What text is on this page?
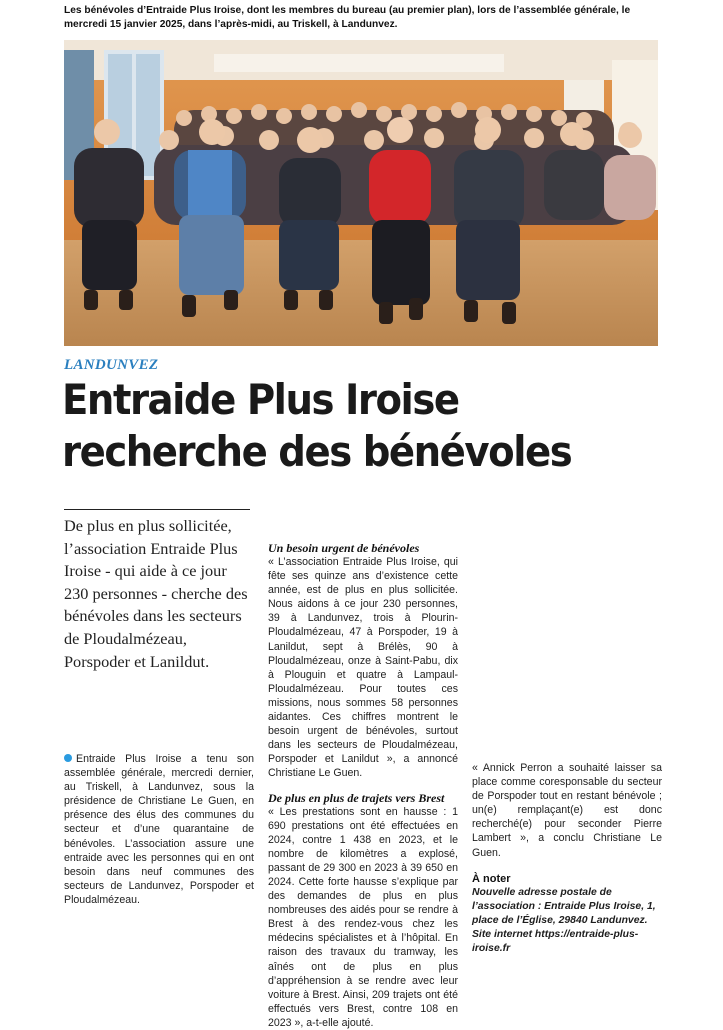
Les bénévoles d’Entraide Plus Iroise, dont les membres du bureau (au premier plan), lors de l’assemblée générale, le mercredi 15 janvier 2025, dans l’après-midi, au Triskell, à Landunvez.
LANDUNVEZ
Entraide Plus Iroise
recherche des bénévoles
De plus en plus sollicitée, l’association Entraide Plus Iroise - qui aide à ce jour 230 personnes - cherche des bénévoles dans les secteurs de Ploudalmézeau, Porspoder et Lanildut.

Entraide Plus Iroise a tenu son assemblée générale, mercredi dernier, au Triskell, à Landunvez, sous la présidence de Christiane Le Guen, en présence des élus des communes du secteur et d’une quarantaine de bénévoles. L’association assure une entraide avec les personnes qui en ont besoin dans neuf communes des secteurs de Landunvez, Porspoder et Ploudalmézeau.

Un besoin urgent de bénévoles

« L’association Entraide Plus Iroise, qui fête ses quinze ans d’existence cette année, est de plus en plus sollicitée. Nous aidons à ce jour 230 personnes, 39 à Landunvez, trois à Plourin-Ploudalmézeau, 47 à Porspoder, 19 à Lanildut, sept à Brélès, 90 à Ploudalmézeau, onze à Saint-Pabu, dix à Plouguin et quatre à Lampaul-Ploudalmézeau. Pour toutes ces missions, nous sommes 58 personnes aidantes. Ces chiffres montrent le besoin urgent de bénévoles, surtout dans les secteurs de Ploudalmézeau, Porspoder et Lanildut », a annoncé Christiane Le Guen.

De plus en plus de trajets vers Brest

« Les prestations sont en hausse : 1 690 prestations ont été effectuées en 2024, contre 1 438 en 2023, et le nombre de kilomètres a explosé, passant de 29 300 en 2023 à 39 650 en 2024. Cette forte hausse s’explique par des demandes de plus en plus nombreuses des aidés pour se rendre à Brest à des rendez-vous chez les médecins spécialistes et à l’hôpital. En raison des travaux du tramway, les aînés ont de plus en plus d’appréhension à se rendre avec leur voiture à Brest. Ainsi, 209 trajets ont été effectués vers Brest, contre 108 en 2023 », a-t-elle ajouté.

« Annick Perron a souhaité laisser sa place comme coresponsable du secteur de Porspoder tout en restant bénévole ; un(e) remplaçant(e) est donc recherché(e) pour seconder Pierre Lambert », a conclu Christiane Le Guen.

À noter

Nouvelle adresse postale de l’association : Entraide Plus Iroise, 1, place de l’Église, 29840 Landunvez. Site internet https://entraide-plus-iroise.fr
